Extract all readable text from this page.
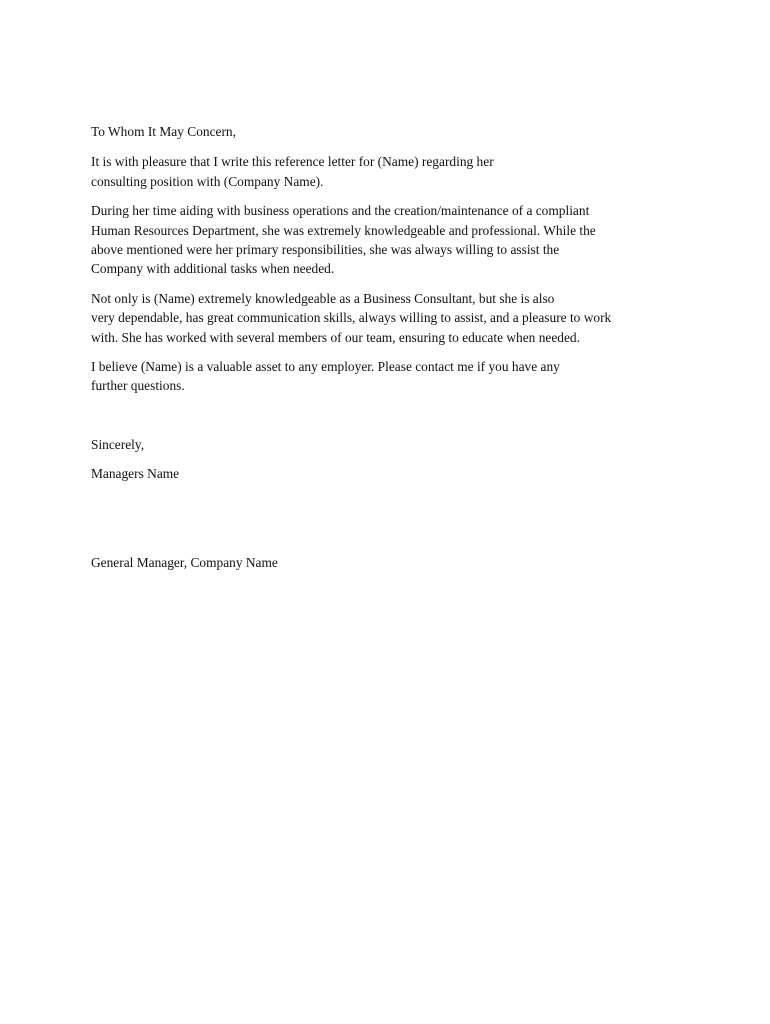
To Whom It May Concern,
It is with pleasure that I write this reference letter for (Name) regarding her
consulting position with (Company Name).
During her time aiding with business operations and the creation/maintenance of a compliant
Human Resources Department, she was extremely knowledgeable and professional. While the
above mentioned were her primary responsibilities, she was always willing to assist the
Company with additional tasks when needed.
Not only is (Name) extremely knowledgeable as a Business Consultant, but she is also
very dependable, has great communication skills, always willing to assist, and a pleasure to work
with. She has worked with several members of our team, ensuring to educate when needed.
I believe (Name) is a valuable asset to any employer. Please contact me if you have any
further questions.
Sincerely,
Managers Name
General Manager, Company Name
